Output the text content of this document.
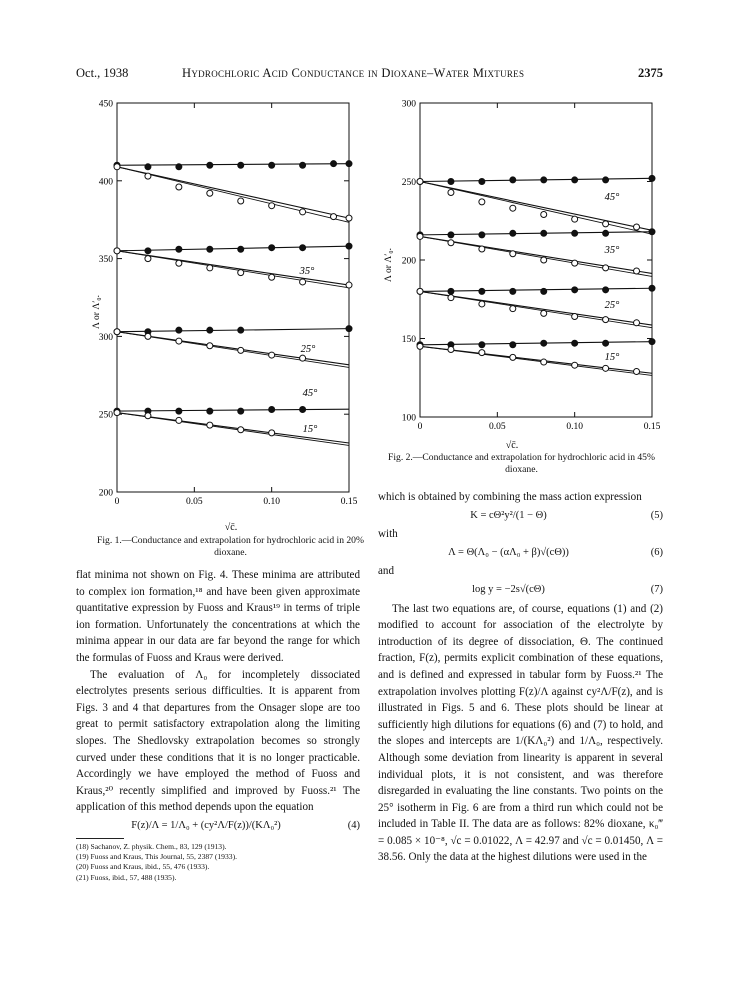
Oct., 1938	Hydrochloric Acid Conductance in Dioxane–Water Mixtures	2375
Λ or Λ′₀.
√c̄.
450
400
350
300
250
200
0	0.05	0.10	0.15
45°
35°
25°
15°
Fig. 1.—Conductance and extrapolation for hydrochloric acid in 20% dioxane.
Λ or Λ′₀.
√c̄.
300
250
200
150
100
0	0.05	0.10	0.15
45°
35°
25°
15°
Fig. 2.—Conductance and extrapolation for hydrochloric acid in 45% dioxane.

flat minima not shown on Fig. 4. These minima are attributed to complex ion formation,¹⁸ and have been given approximate quantitative expression by Fuoss and Kraus¹⁹ in terms of triple ion formation. Unfortunately the concentrations at which the minima appear in our data are far beyond the range for which the formulas of Fuoss and Kraus were derived.

The evaluation of Λ₀ for incompletely dissociated electrolytes presents serious difficulties. It is apparent from Figs. 3 and 4 that departures from the Onsager slope are too great to permit satisfactory extrapolation along the limiting slopes. The Shedlovsky extrapolation becomes so strongly curved under these conditions that it is no longer practicable. Accordingly we have employed the method of Fuoss and Kraus,²⁰ recently simplified and improved by Fuoss.²¹ The application of this method depends upon the equation

F(z)/Λ = 1/Λ₀ + (cy²Λ/F(z))/(KΛ₀²)	(4)
(18) Sachanov, Z. physik. Chem., 83, 129 (1913).
(19) Fuoss and Kraus, This Journal, 55, 2387 (1933).
(20) Fuoss and Kraus, ibid., 55, 476 (1933).
(21) Fuoss, ibid., 57, 488 (1935).

which is obtained by combining the mass action expression

K = cΘ²y²/(1 − Θ)	(5)

with

Λ = Θ(Λ₀ − (αΛ₀ + β)√(cΘ))	(6)

and

log y = −2s√(cΘ)	(7)

The last two equations are, of course, equations (1) and (2) modified to account for association of the electrolyte by introduction of its degree of dissociation, Θ. The continued fraction, F(z), permits explicit combination of these equations, and is defined and expressed in tabular form by Fuoss.²¹ The extrapolation involves plotting F(z)/Λ against cy²Λ/F(z), and is illustrated in Figs. 5 and 6. These plots should be linear at sufficiently high dilutions for equations (6) and (7) to hold, and the slopes and intercepts are 1/(KΛ₀²) and 1/Λ₀, respectively. Although some deviation from linearity is apparent in several individual plots, it is not consistent, and was therefore disregarded in evaluating the line constants. Two points on the 25° isotherm in Fig. 6 are from a third run which could not be included in Table II. The data are as follows: 82% dioxane, κ₀‴ = 0.085 × 10⁻⁸, √c = 0.01022, Λ = 42.97 and √c = 0.01450, Λ = 38.56. Only the data at the highest dilutions were used in the
